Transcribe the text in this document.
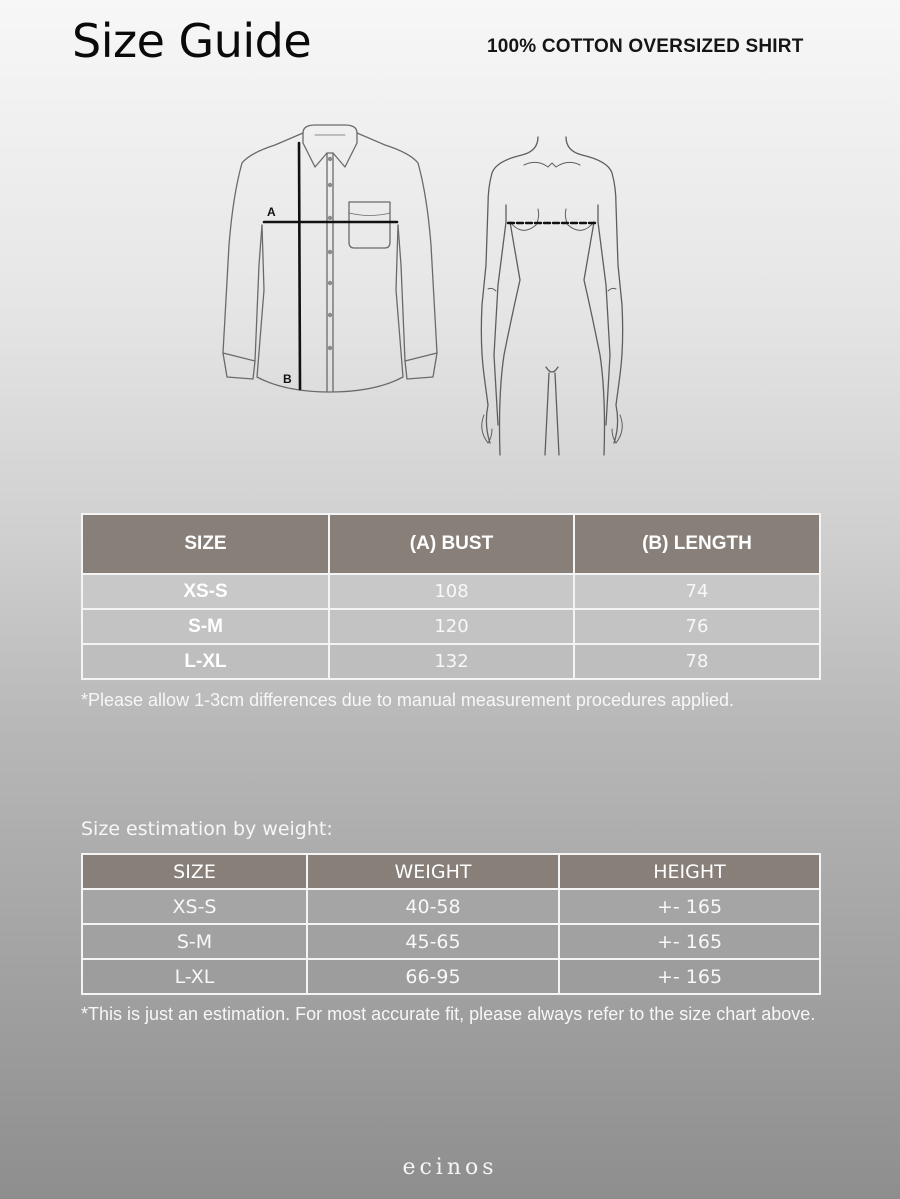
Size Guide	100% COTTON OVERSIZED SHIRT

A
B
SIZE	(A) BUST	(B) LENGTH
XS-S	108	74
S-M	120	76
L-XL	132	78

*Please allow 1-3cm differences due to manual measurement procedures applied.

Size estimation by weight:

SIZE	WEIGHT	HEIGHT
XS-S	40-58	+- 165
S-M	45-65	+- 165
L-XL	66-95	+- 165

*This is just an estimation. For most accurate fit, please always refer to the size chart above.

ecinos
